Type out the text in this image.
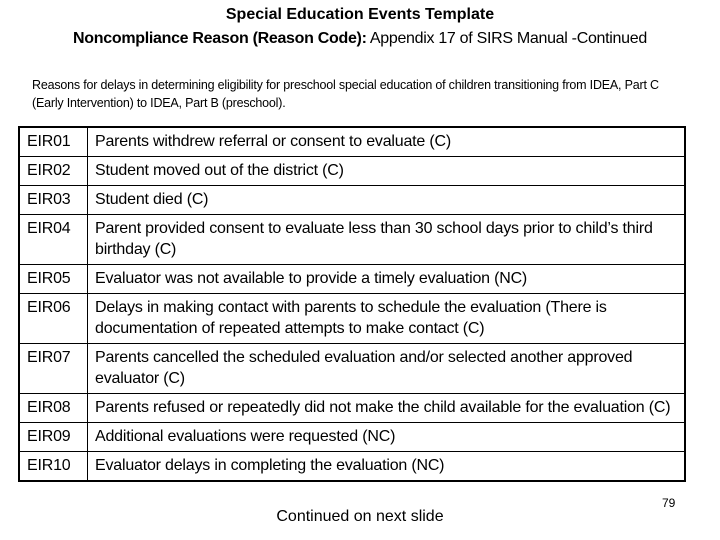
Special Education Events Template
Noncompliance Reason (Reason Code): Appendix 17 of SIRS Manual -Continued
Reasons for delays in determining eligibility for preschool special education of children transitioning from IDEA, Part C (Early Intervention) to IDEA, Part B (preschool).
EIR01	Parents withdrew referral or consent to evaluate (C)
EIR02	Student moved out of the district (C)
EIR03	Student died (C)
EIR04	Parent provided consent to evaluate less than 30 school days prior to child’s third birthday (C)
EIR05	Evaluator was not available to provide a timely evaluation (NC)
EIR06	Delays in making contact with parents to schedule the evaluation (There is documentation of repeated attempts to make contact (C)
EIR07	Parents cancelled the scheduled evaluation and/or selected another approved evaluator (C)
EIR08	Parents refused or repeatedly did not make the child available for the evaluation (C)
EIR09	Additional evaluations were requested (NC)
EIR10	Evaluator delays in completing the evaluation (NC)
Continued on next slide
79
